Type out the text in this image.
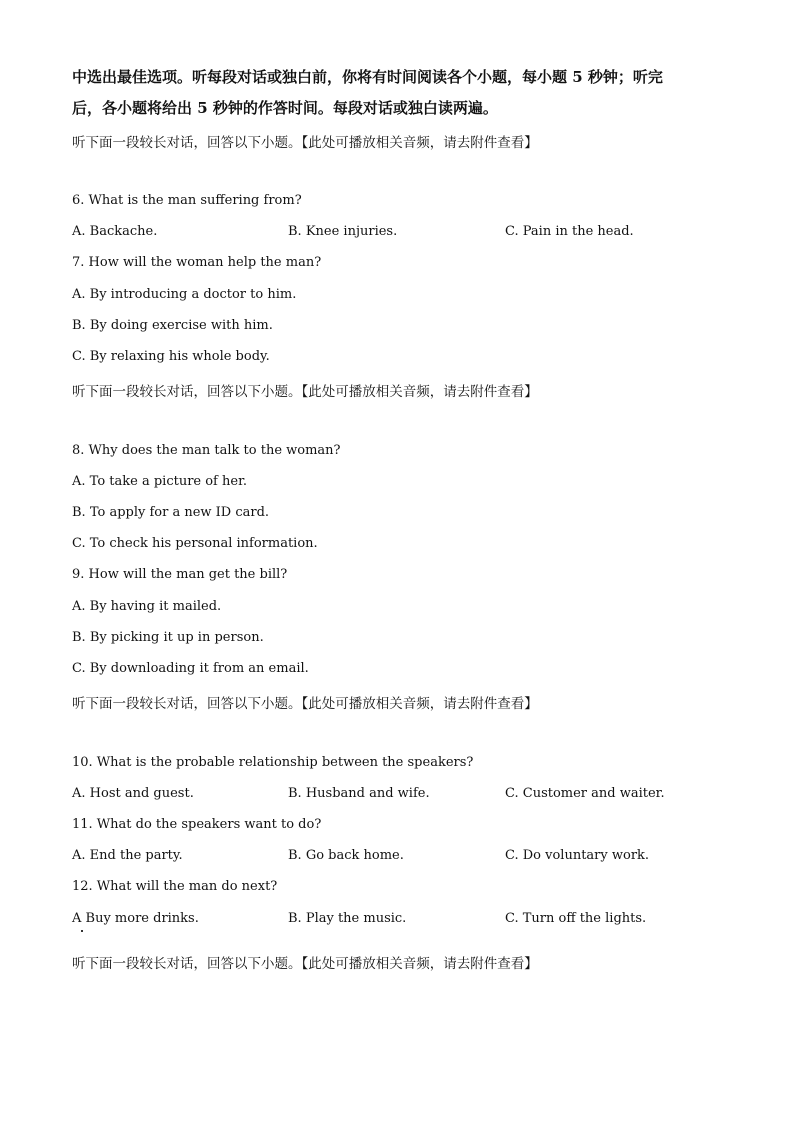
中选出最佳选项。听每段对话或独白前，你将有时间阅读各个小题，每小题 5 秒钟；听完
后，各小题将给出 5 秒钟的作答时间。每段对话或独白读两遍。
听下面一段较长对话，回答以下小题。【此处可播放相关音频，请去附件查看】
6. What is the man suffering from?
A. Backache.	B. Knee injuries.	C. Pain in the head.
7. How will the woman help the man?
A. By introducing a doctor to him.
B. By doing exercise with him.
C. By relaxing his whole body.
听下面一段较长对话，回答以下小题。【此处可播放相关音频，请去附件查看】
8. Why does the man talk to the woman?
A. To take a picture of her.
B. To apply for a new ID card.
C. To check his personal information.
9. How will the man get the bill?
A. By having it mailed.
B. By picking it up in person.
C. By downloading it from an email.
听下面一段较长对话，回答以下小题。【此处可播放相关音频，请去附件查看】
10. What is the probable relationship between the speakers?
A. Host and guest.	B. Husband and wife.	C. Customer and waiter.
11. What do the speakers want to do?
A. End the party.	B. Go back home.	C. Do voluntary work.
12. What will the man do next?
A Buy more drinks.	B. Play the music.	C. Turn off the lights.
听下面一段较长对话，回答以下小题。【此处可播放相关音频，请去附件查看】
